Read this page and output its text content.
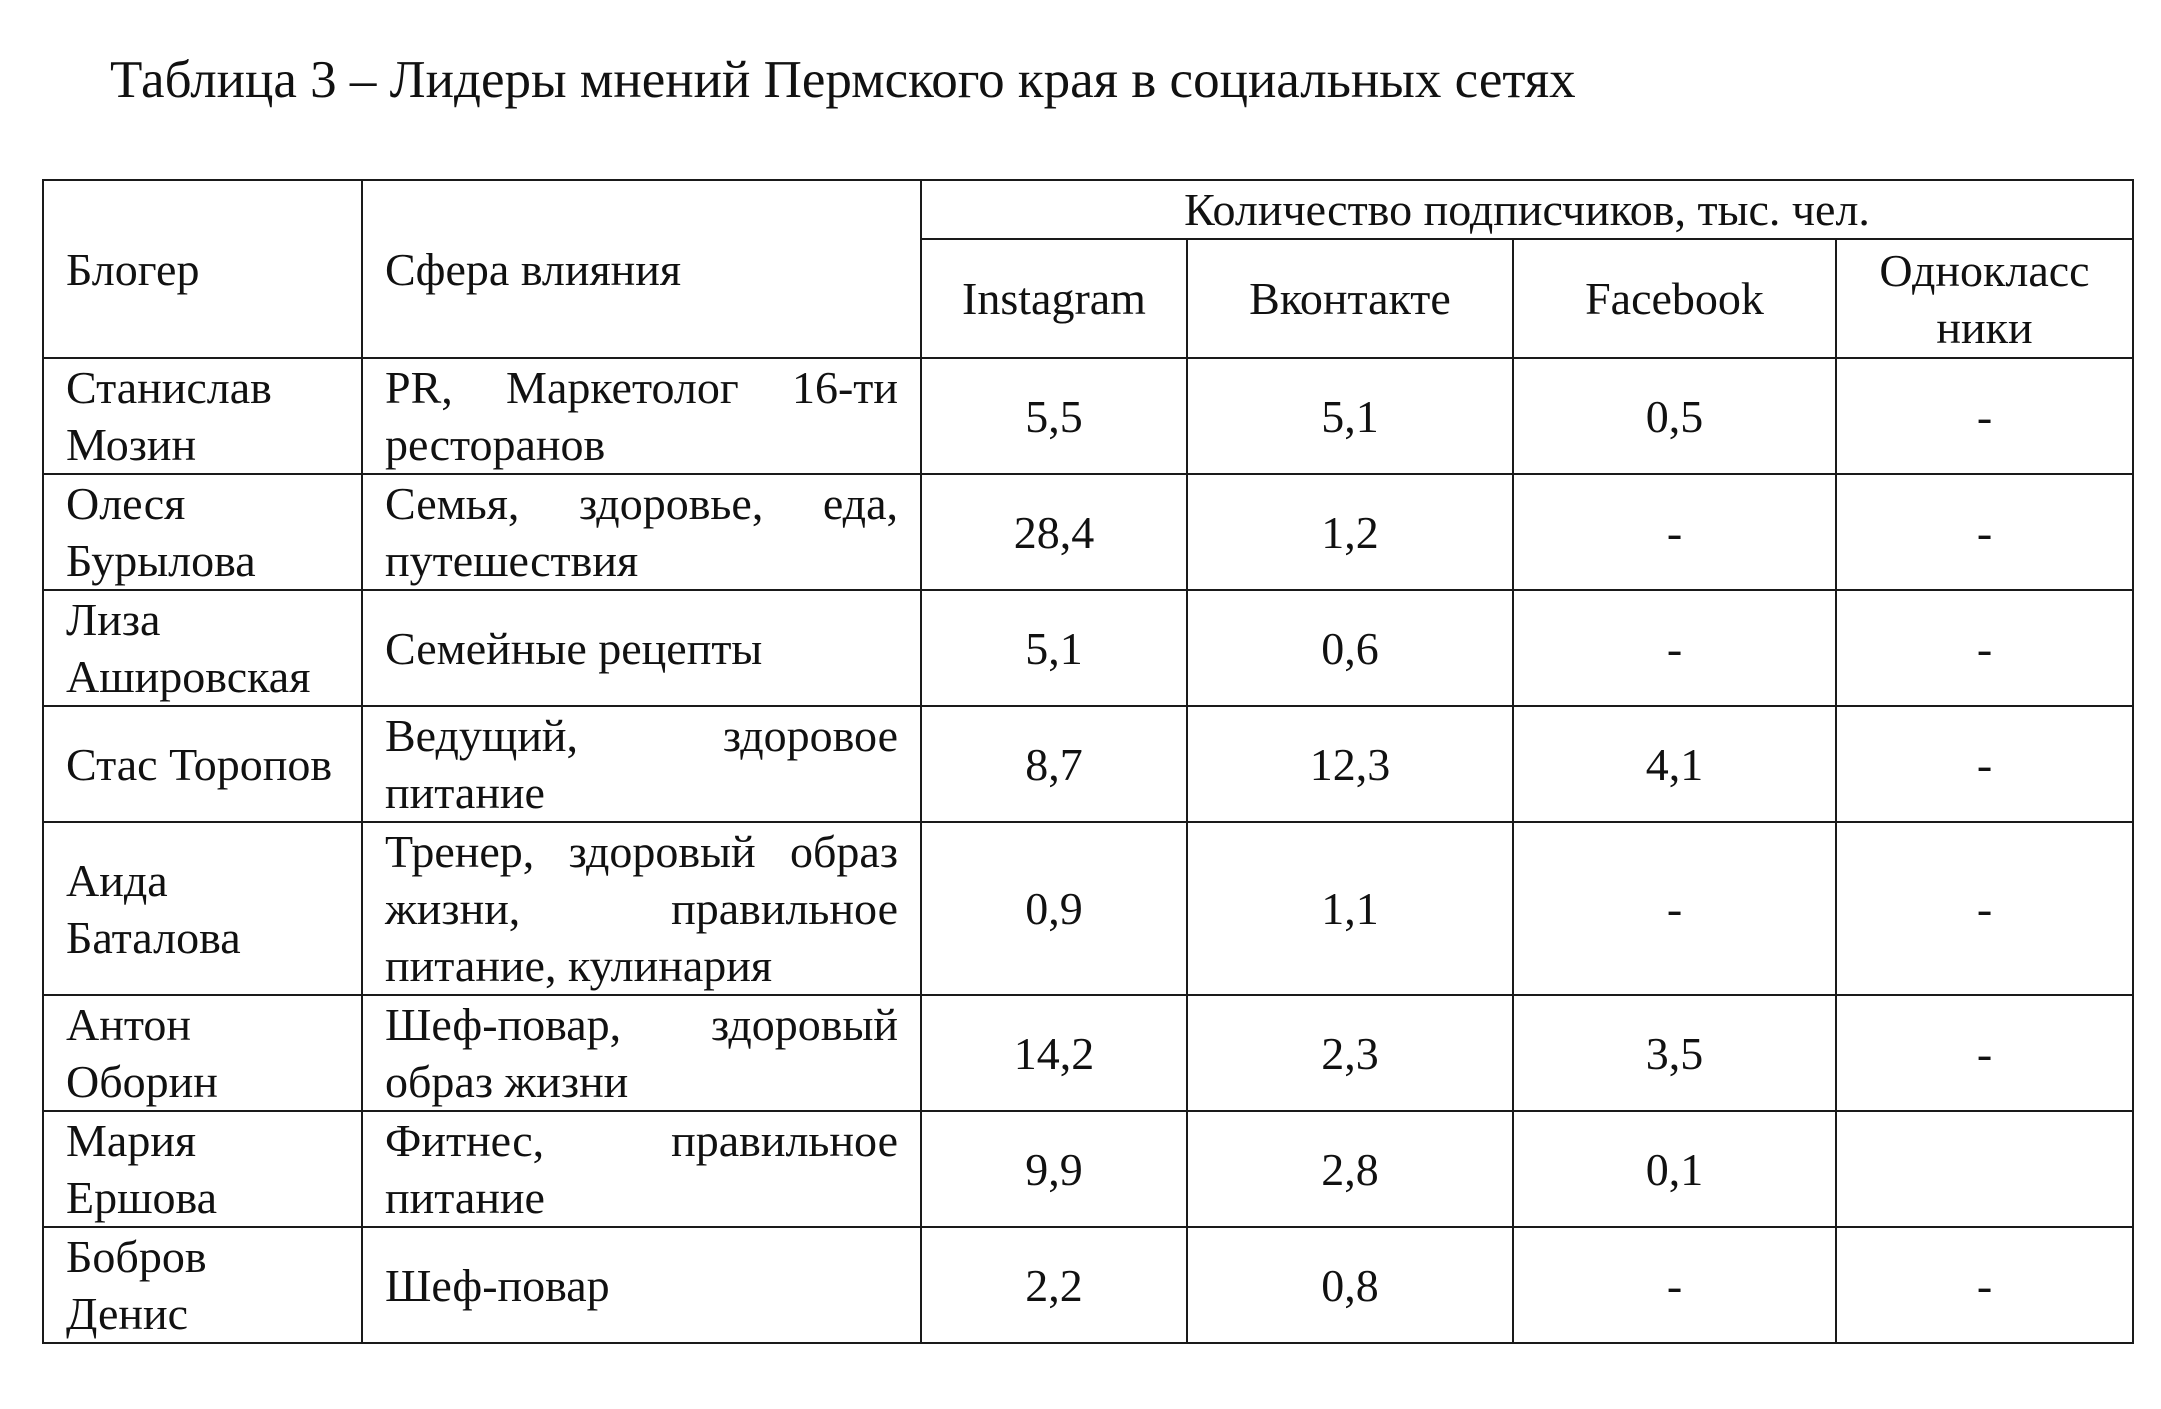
Таблица 3 – Лидеры мнений Пермского края в социальных сетях
Блогер	Сфера влияния	Количество подписчиков, тыс. чел.			
		Instagram	Вконтакте	Facebook	Однокласс
ники
Станислав Мозин	PR, Маркетолог 16-ти ресторанов	5,5	5,1	0,5	-
Олеся Бурылова	Семья, здоровье, еда, путешествия	28,4	1,2	-	-
Лиза Ашировская	Семейные рецепты	5,1	0,6	-	-
Стас Торопов	Ведущий, здоровое питание	8,7	12,3	4,1	-
Аида Баталова	Тренер, здоровый образ жизни, правильное питание, кулинария	0,9	1,1	-	-
Антон Оборин	Шеф-повар, здоровый образ жизни	14,2	2,3	3,5	-
Мария Ершова	Фитнес, правильное питание	9,9	2,8	0,1	
Бобров Денис	Шеф-повар	2,2	0,8	-	-
